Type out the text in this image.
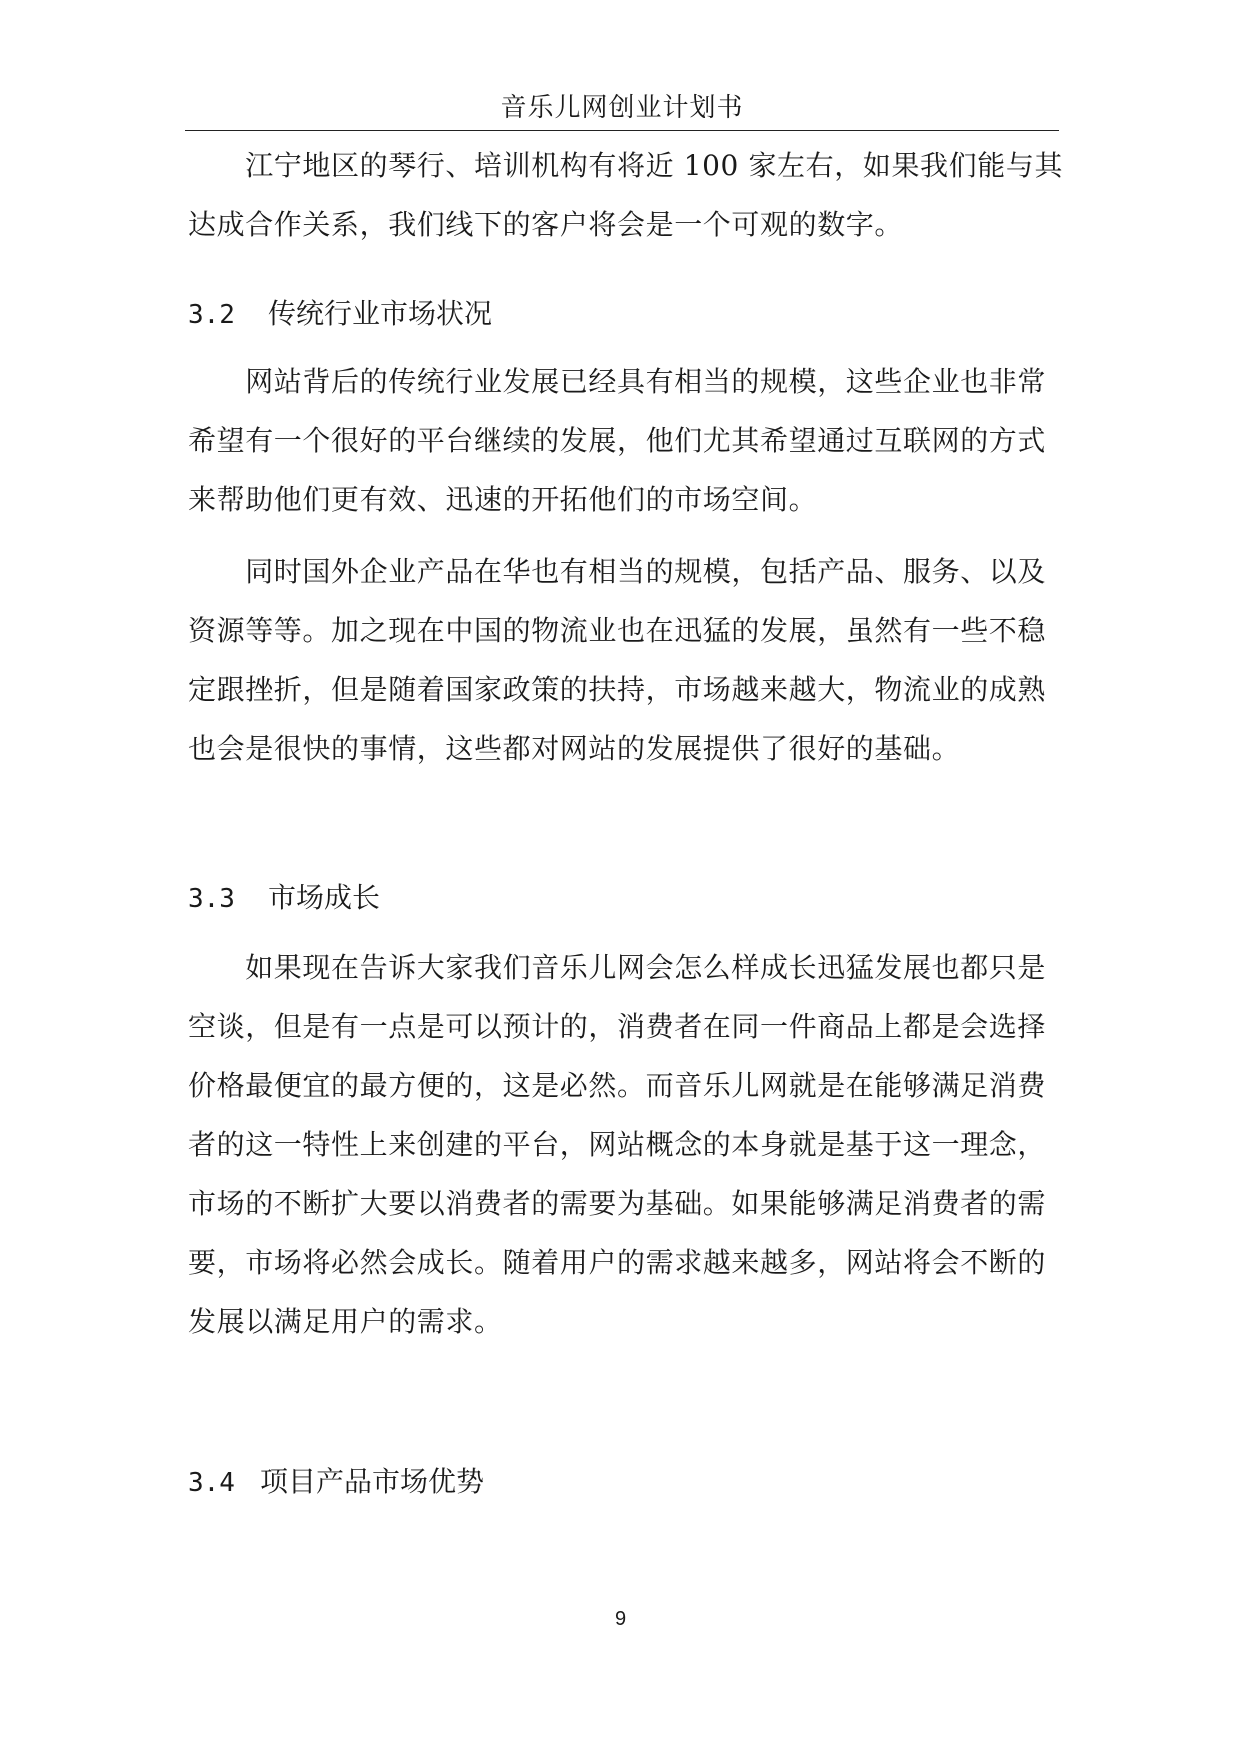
音乐儿网创业计划书
　　江宁地区的琴行、培训机构有将近 100 家左右，如果我们能与其
达成合作关系，我们线下的客户将会是一个可观的数字。
3.2 传统行业市场状况
　　网站背后的传统行业发展已经具有相当的规模，这些企业也非常
希望有一个很好的平台继续的发展，他们尤其希望通过互联网的方式
来帮助他们更有效、迅速的开拓他们的市场空间。
　　同时国外企业产品在华也有相当的规模，包括产品、服务、以及
资源等等。加之现在中国的物流业也在迅猛的发展，虽然有一些不稳
定跟挫折，但是随着国家政策的扶持，市场越来越大，物流业的成熟
也会是很快的事情，这些都对网站的发展提供了很好的基础。
3.3 市场成长
　　如果现在告诉大家我们音乐儿网会怎么样成长迅猛发展也都只是
空谈，但是有一点是可以预计的，消费者在同一件商品上都是会选择
价格最便宜的最方便的，这是必然。而音乐儿网就是在能够满足消费
者的这一特性上来创建的平台，网站概念的本身就是基于这一理念，
市场的不断扩大要以消费者的需要为基础。如果能够满足消费者的需
要，市场将必然会成长。随着用户的需求越来越多，网站将会不断的
发展以满足用户的需求。
3.4 项目产品市场优势
9
